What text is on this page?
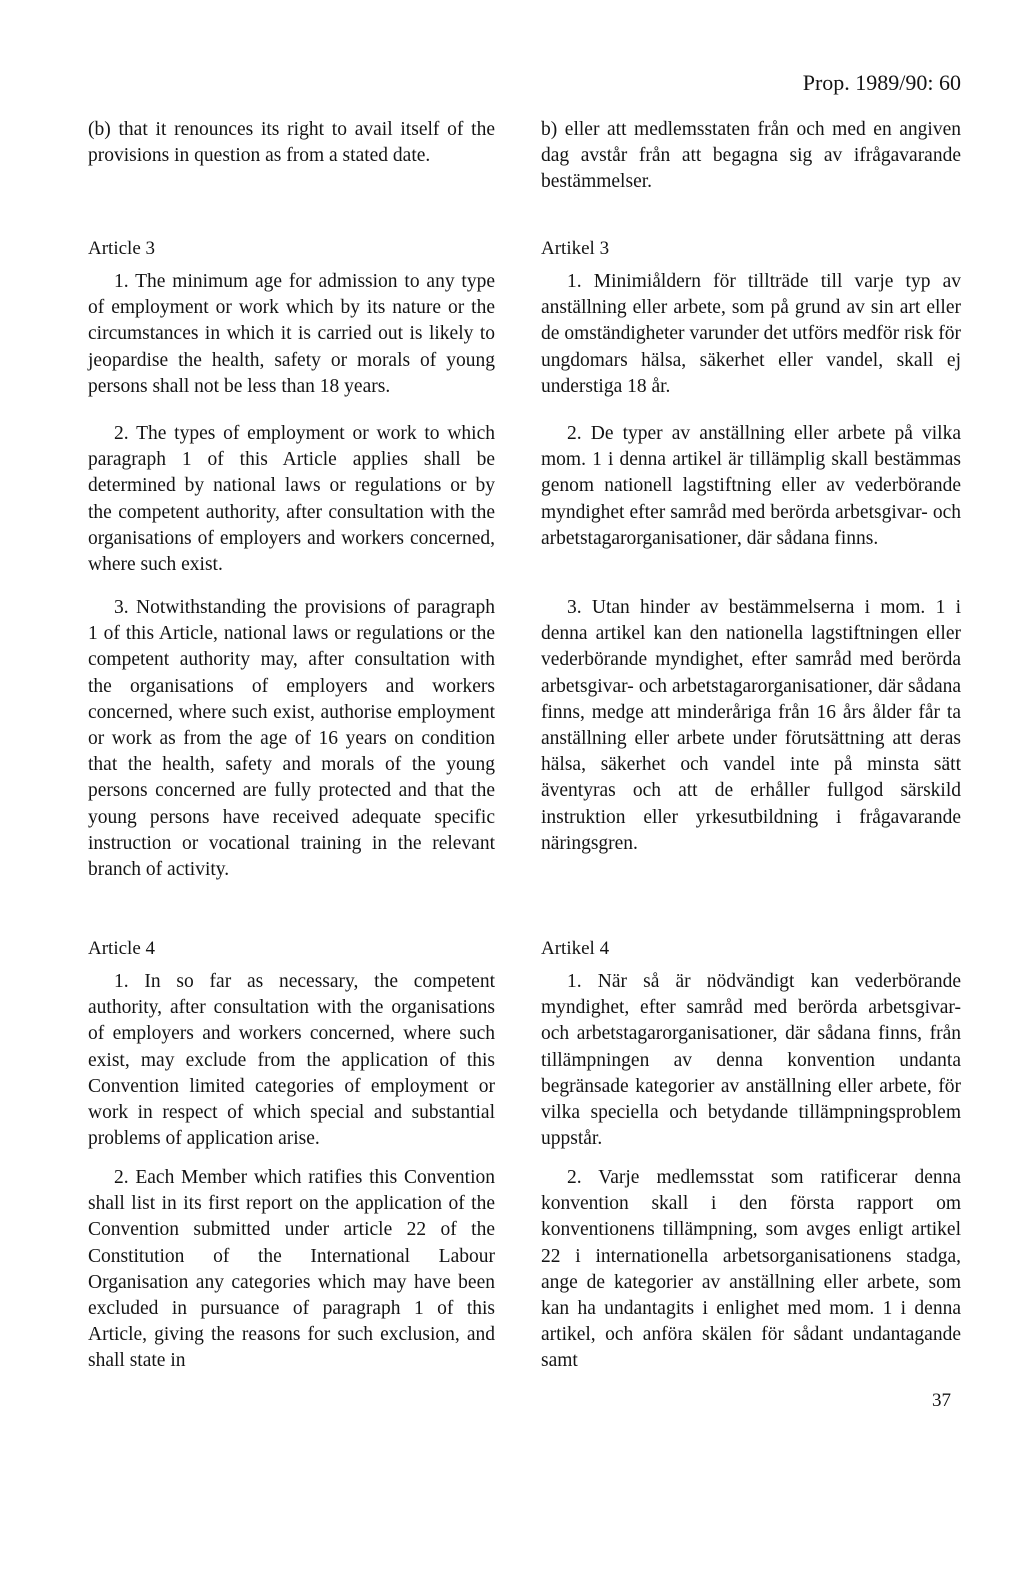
Prop. 1989/90: 60

(b) that it renounces its right to avail itself of the provisions in question as from a stated date.

b) eller att medlemsstaten från och med en angiven dag avstår från att begagna sig av ifrågavarande bestämmelser.

Article 3

1. The minimum age for admission to any type of employment or work which by its nature or the circumstances in which it is carried out is likely to jeopardise the health, safety or morals of young persons shall not be less than 18 years.

2. The types of employment or work to which paragraph 1 of this Article applies shall be determined by national laws or regulations or by the competent authority, after consultation with the organisations of employers and workers concerned, where such exist.

3. Notwithstanding the provisions of paragraph 1 of this Article, national laws or regulations or the competent authority may, after consultation with the organisations of employers and workers concerned, where such exist, authorise employment or work as from the age of 16 years on condition that the health, safety and morals of the young persons concerned are fully protected and that the young persons have received adequate specific instruction or vocational training in the relevant branch of activity.

Artikel 3

1. Minimiåldern för tillträde till varje typ av anställning eller arbete, som på grund av sin art eller de omständigheter varunder det utförs medför risk för ungdomars hälsa, säkerhet eller vandel, skall ej understiga 18 år.

2. De typer av anställning eller arbete på vilka mom. 1 i denna artikel är tillämplig skall bestämmas genom nationell lagstiftning eller av vederbörande myndighet efter samråd med berörda arbetsgivar- och arbetstagarorganisationer, där sådana finns.

3. Utan hinder av bestämmelserna i mom. 1 i denna artikel kan den nationella lagstiftningen eller vederbörande myndighet, efter samråd med berörda arbetsgivar- och arbetstagarorganisationer, där sådana finns, medge att minderåriga från 16 års ålder får ta anställning eller arbete under förutsättning att deras hälsa, säkerhet och vandel inte på minsta sätt äventyras och att de erhåller fullgod särskild instruktion eller yrkesutbildning i frågavarande näringsgren.

Article 4

1. In so far as necessary, the competent authority, after consultation with the organisations of employers and workers concerned, where such exist, may exclude from the application of this Convention limited categories of employment or work in respect of which special and substantial problems of application arise.

2. Each Member which ratifies this Convention shall list in its first report on the application of the Convention submitted under article 22 of the Constitution of the International Labour Organisation any categories which may have been excluded in pursuance of paragraph 1 of this Article, giving the reasons for such exclusion, and shall state in

Artikel 4

1. När så är nödvändigt kan vederbörande myndighet, efter samråd med berörda arbetsgivar- och arbetstagarorganisationer, där sådana finns, från tillämpningen av denna konvention undanta begränsade kategorier av anställning eller arbete, för vilka speciella och betydande tillämpningsproblem uppstår.

2. Varje medlemsstat som ratificerar denna konvention skall i den första rapport om konventionens tillämpning, som avges enligt artikel 22 i internationella arbetsorganisationens stadga, ange de kategorier av anställning eller arbete, som kan ha undantagits i enlighet med mom. 1 i denna artikel, och anföra skälen för sådant undantagande samt

37
